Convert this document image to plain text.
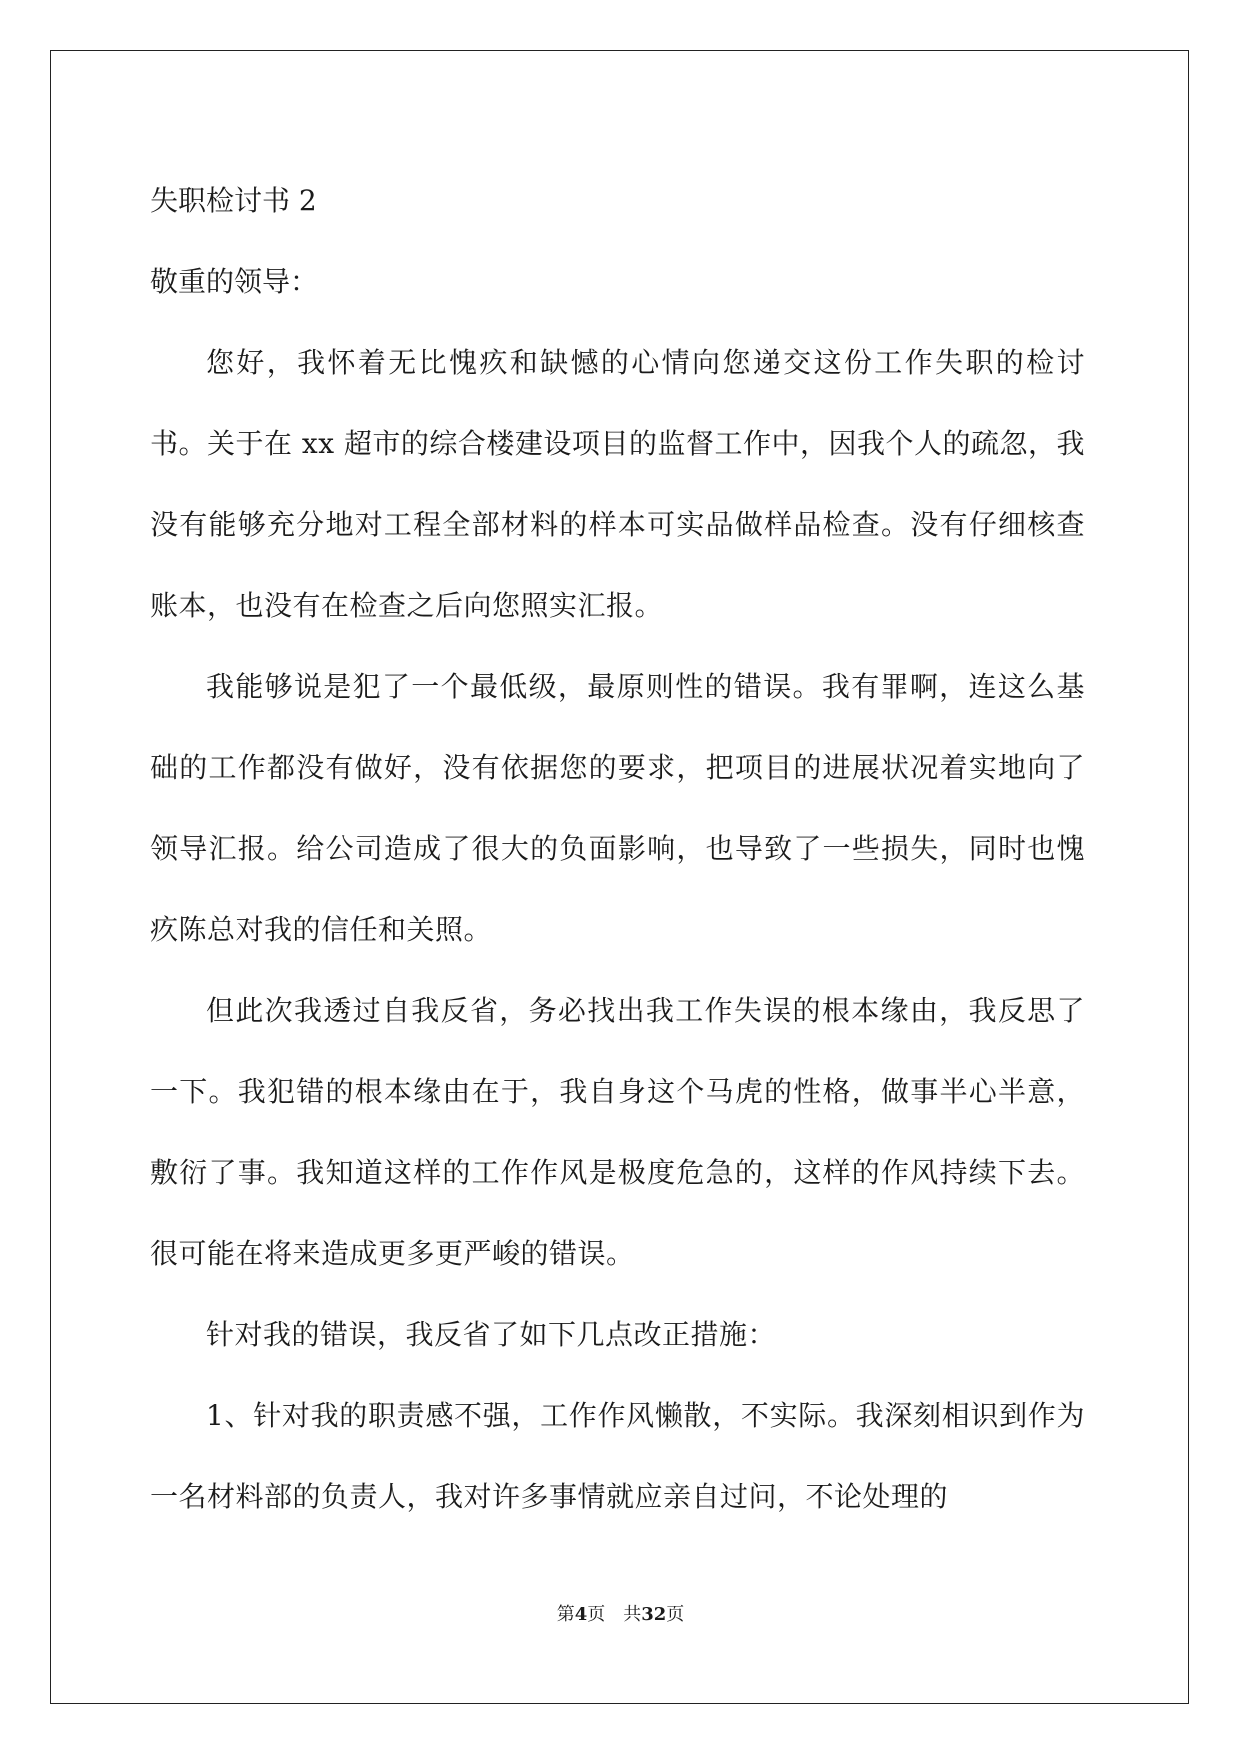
失职检讨书 2

敬重的领导：

您好，我怀着无比愧疚和缺憾的心情向您递交这份工作失职的检讨书。关于在 xx 超市的综合楼建设项目的监督工作中，因我个人的疏忽，我没有能够充分地对工程全部材料的样本可实品做样品检查。没有仔细核查账本，也没有在检查之后向您照实汇报。

我能够说是犯了一个最低级，最原则性的错误。我有罪啊，连这么基础的工作都没有做好，没有依据您的要求，把项目的进展状况着实地向了领导汇报。给公司造成了很大的负面影响，也导致了一些损失，同时也愧疚陈总对我的信任和关照。

但此次我透过自我反省，务必找出我工作失误的根本缘由，我反思了一下。我犯错的根本缘由在于，我自身这个马虎的性格，做事半心半意，敷衍了事。我知道这样的工作作风是极度危急的，这样的作风持续下去。很可能在将来造成更多更严峻的错误。

针对我的错误，我反省了如下几点改正措施：

1、针对我的职责感不强，工作作风懒散，不实际。我深刻相识到作为一名材料部的负责人，我对许多事情就应亲自过问，不论处理的

第4页　共32页
